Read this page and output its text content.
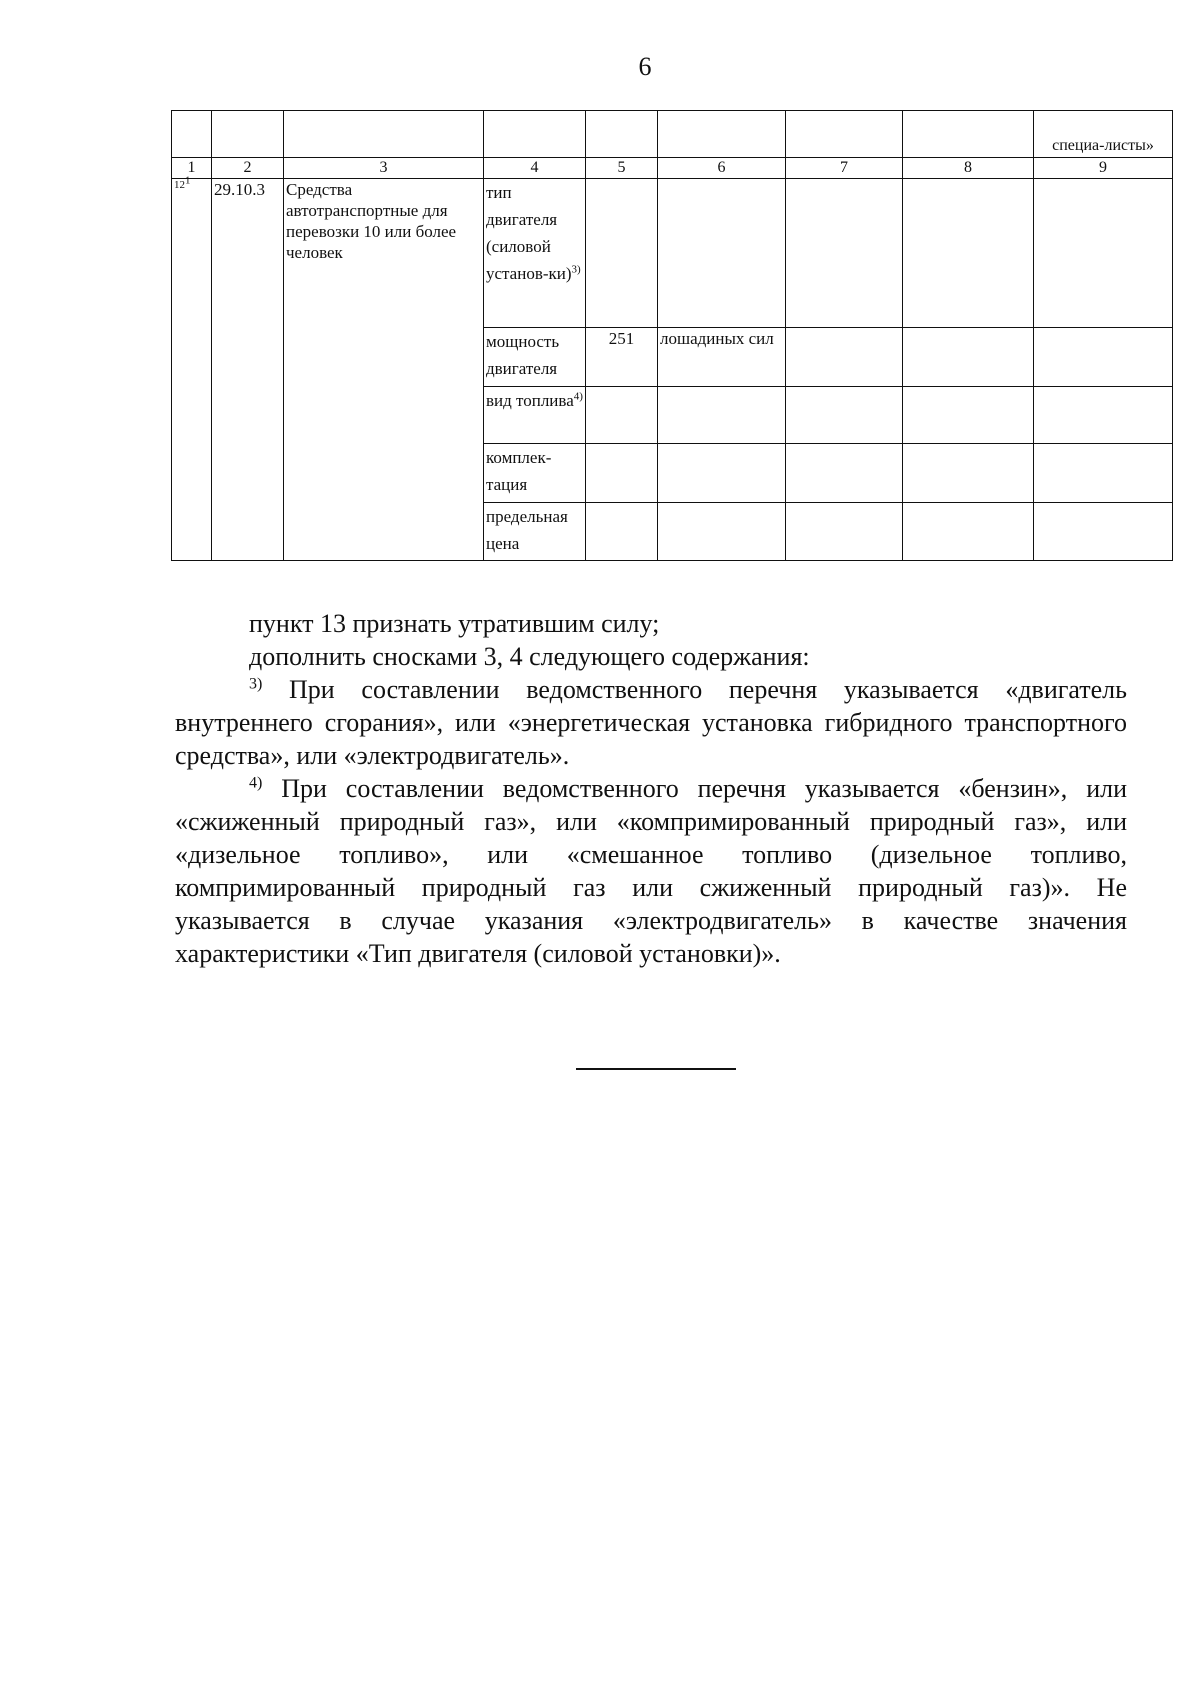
6
								специа-листы»
1	2	3	4	5	6	7	8	9
121	29.10.3	Средства автотранспортные для перевозки 10 или более человек	тип двигателя (силовой установ-ки)$^{3)}$					
			мощность двигателя	251	лошадиных сил			
			вид топлива$^{4)}$					
			комплек-тация					
			предельная цена					
пункт 13 признать утратившим силу;
дополнить сносками 3, 4 следующего содержания:
$^{3)}$ При составлении ведомственного перечня указывается «двигатель внутреннего сгорания», или «энергетическая установка гибридного транспортного средства», или «электродвигатель».
$^{4)}$ При составлении ведомственного перечня указывается «бензин», или «сжиженный природный газ», или «компримированный природный газ», или «дизельное топливо», или «смешанное топливо (дизельное топливо, компримированный природный газ или сжиженный природный газ)». Не указывается в случае указания «электродвигатель» в качестве значения характеристики «Тип двигателя (силовой установки)».
